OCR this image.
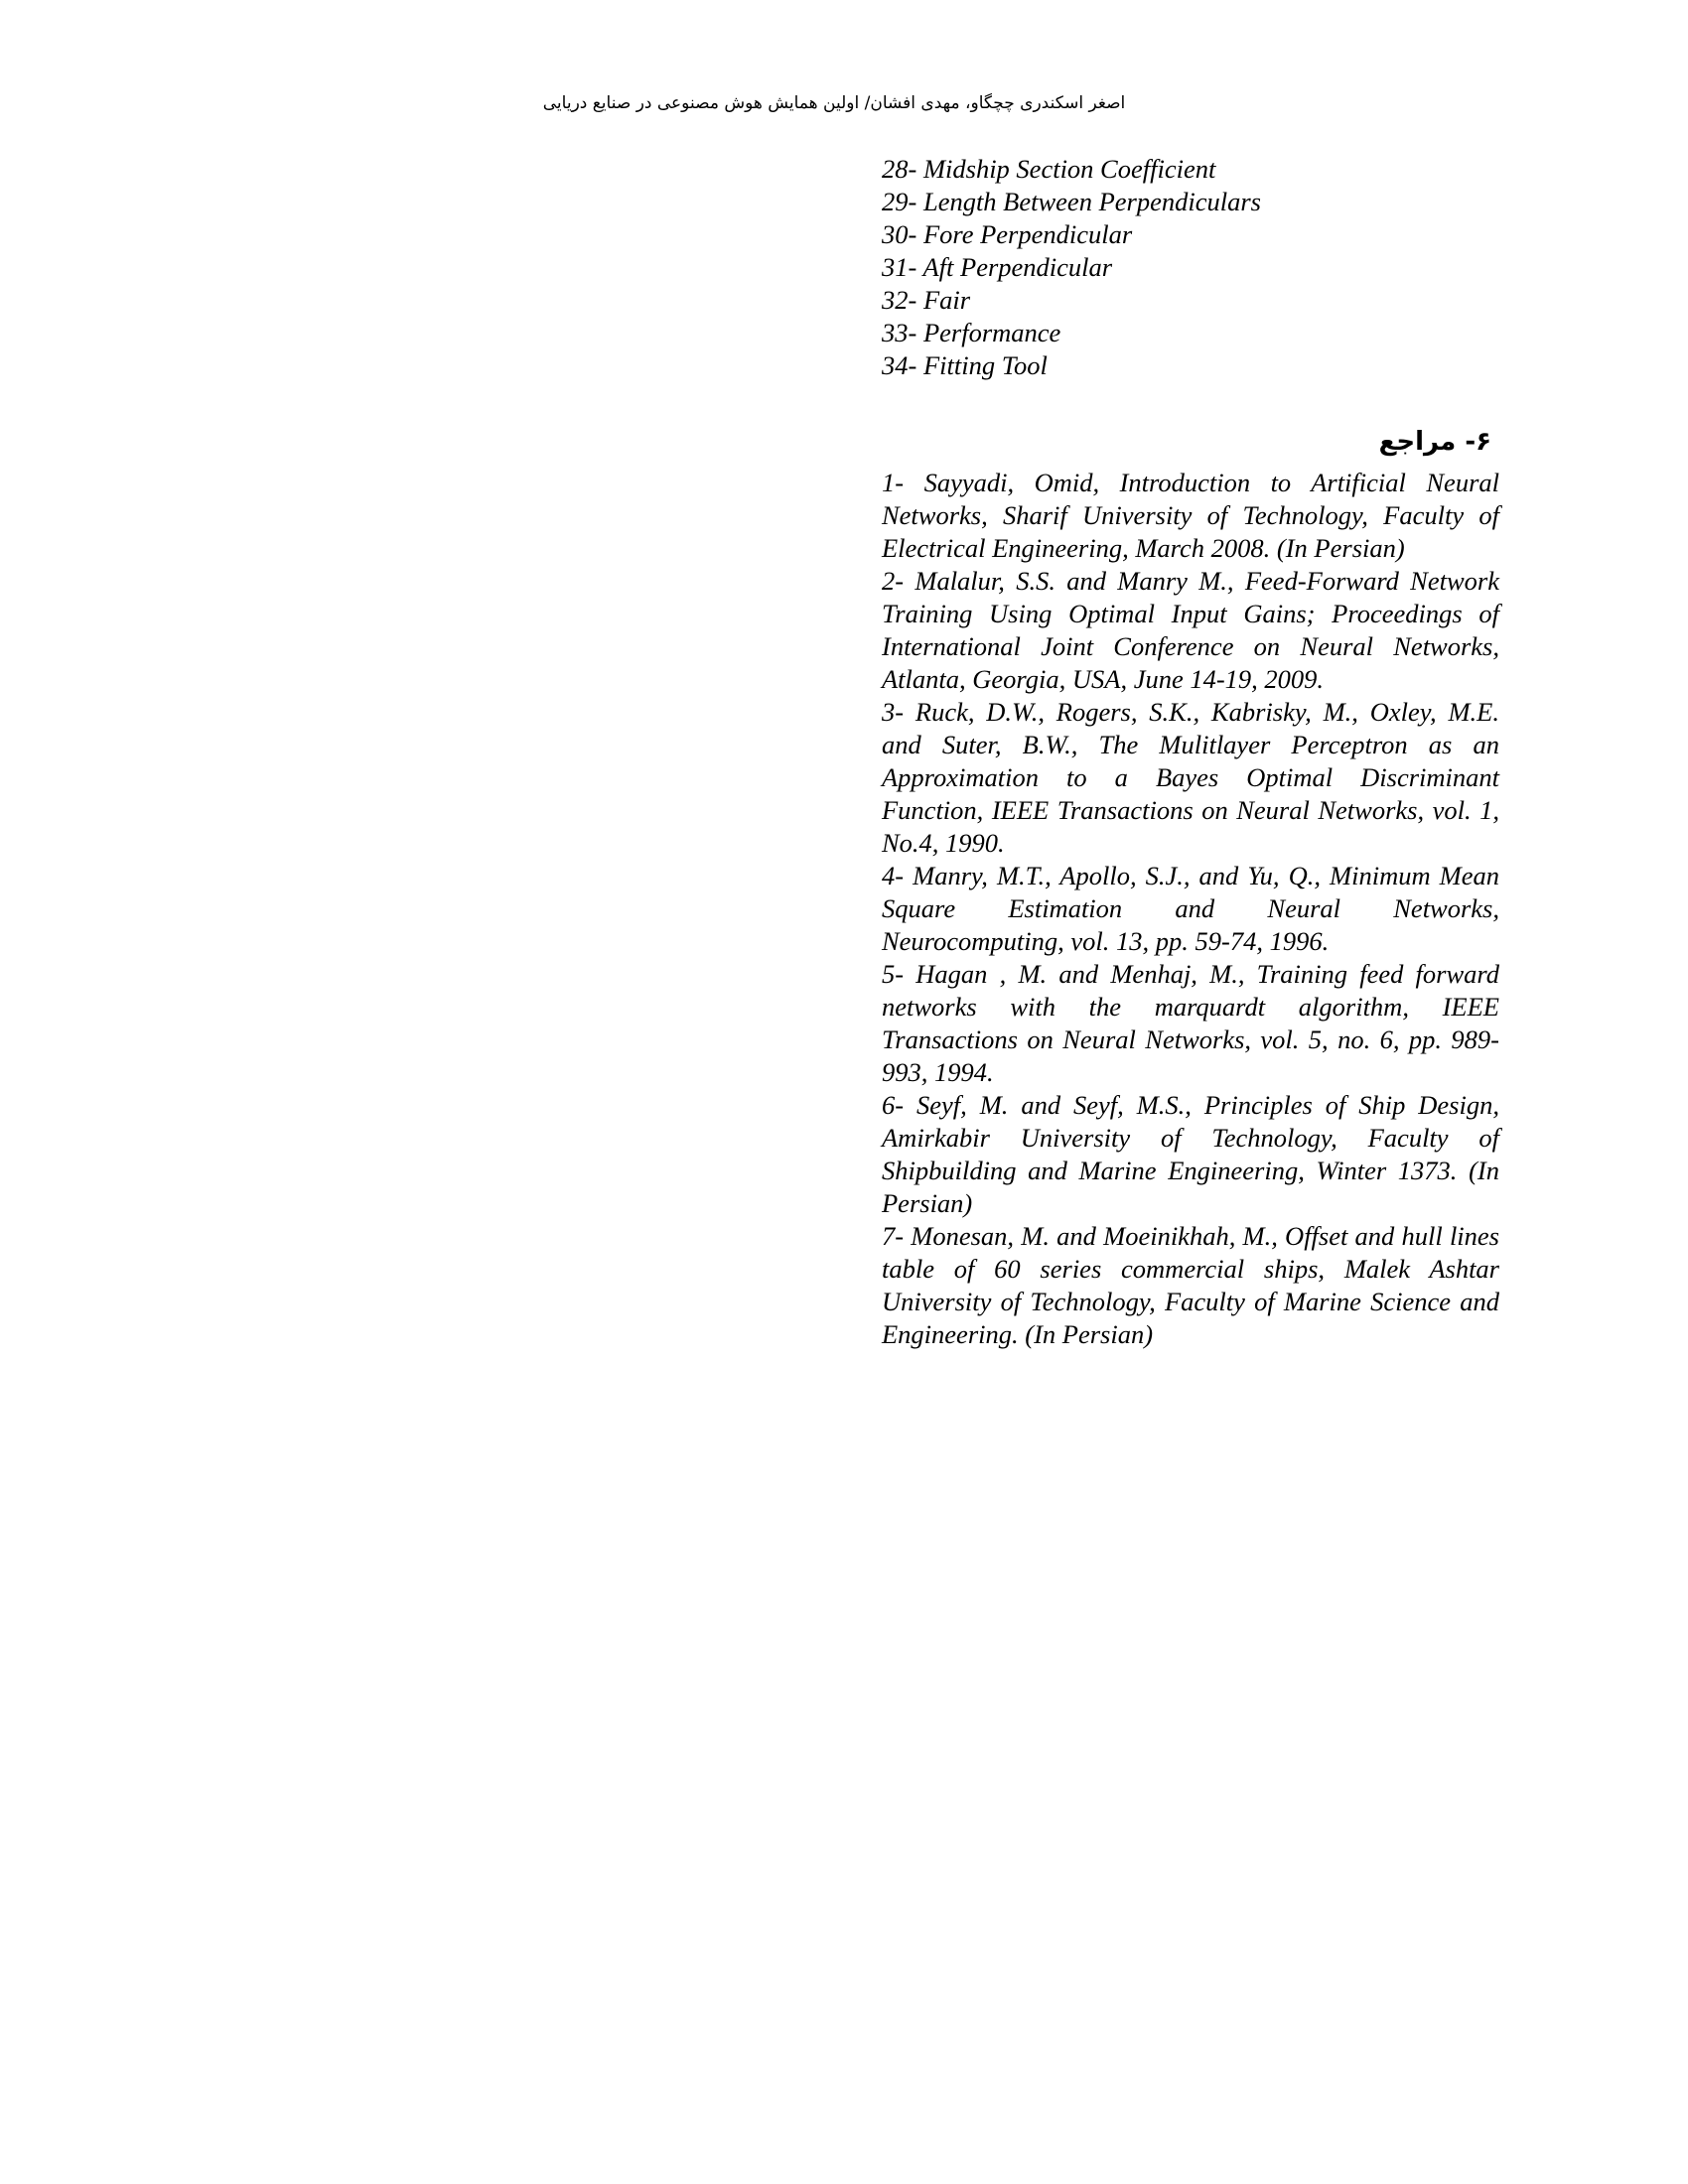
اصغر اسکندری چچگاو، مهدی افشان/ اولین همایش هوش مصنوعی در صنایع دریایی
28- Midship Section Coefficient
29- Length Between Perpendiculars
30- Fore Perpendicular
31- Aft Perpendicular
32- Fair
33- Performance
34- Fitting Tool
۶- مراجع
1- Sayyadi, Omid, Introduction to Artificial Neural Networks, Sharif University of Technology, Faculty of Electrical Engineering, March 2008. (In Persian)
2- Malalur, S.S. and Manry M., Feed-Forward Network Training Using Optimal Input Gains; Proceedings of International Joint Conference on Neural Networks, Atlanta, Georgia, USA, June 14-19, 2009.
3- Ruck, D.W., Rogers, S.K., Kabrisky, M., Oxley, M.E. and Suter, B.W., The Mulitlayer Perceptron as an Approximation to a Bayes Optimal Discriminant Function, IEEE Transactions on Neural Networks, vol. 1, No.4, 1990.
4- Manry, M.T., Apollo, S.J., and Yu, Q., Minimum Mean Square Estimation and Neural Networks, Neurocomputing, vol. 13, pp. 59-74, 1996.
5- Hagan , M. and Menhaj, M., Training feed forward networks with the marquardt algorithm, IEEE Transactions on Neural Networks, vol. 5, no. 6, pp. 989-993, 1994.
6- Seyf, M. and Seyf, M.S., Principles of Ship Design, Amirkabir University of Technology, Faculty of Shipbuilding and Marine Engineering, Winter 1373. (In Persian)
7- Monesan, M. and Moeinikhah, M., Offset and hull lines table of 60 series commercial ships, Malek Ashtar University of Technology, Faculty of Marine Science and Engineering. (In Persian)
